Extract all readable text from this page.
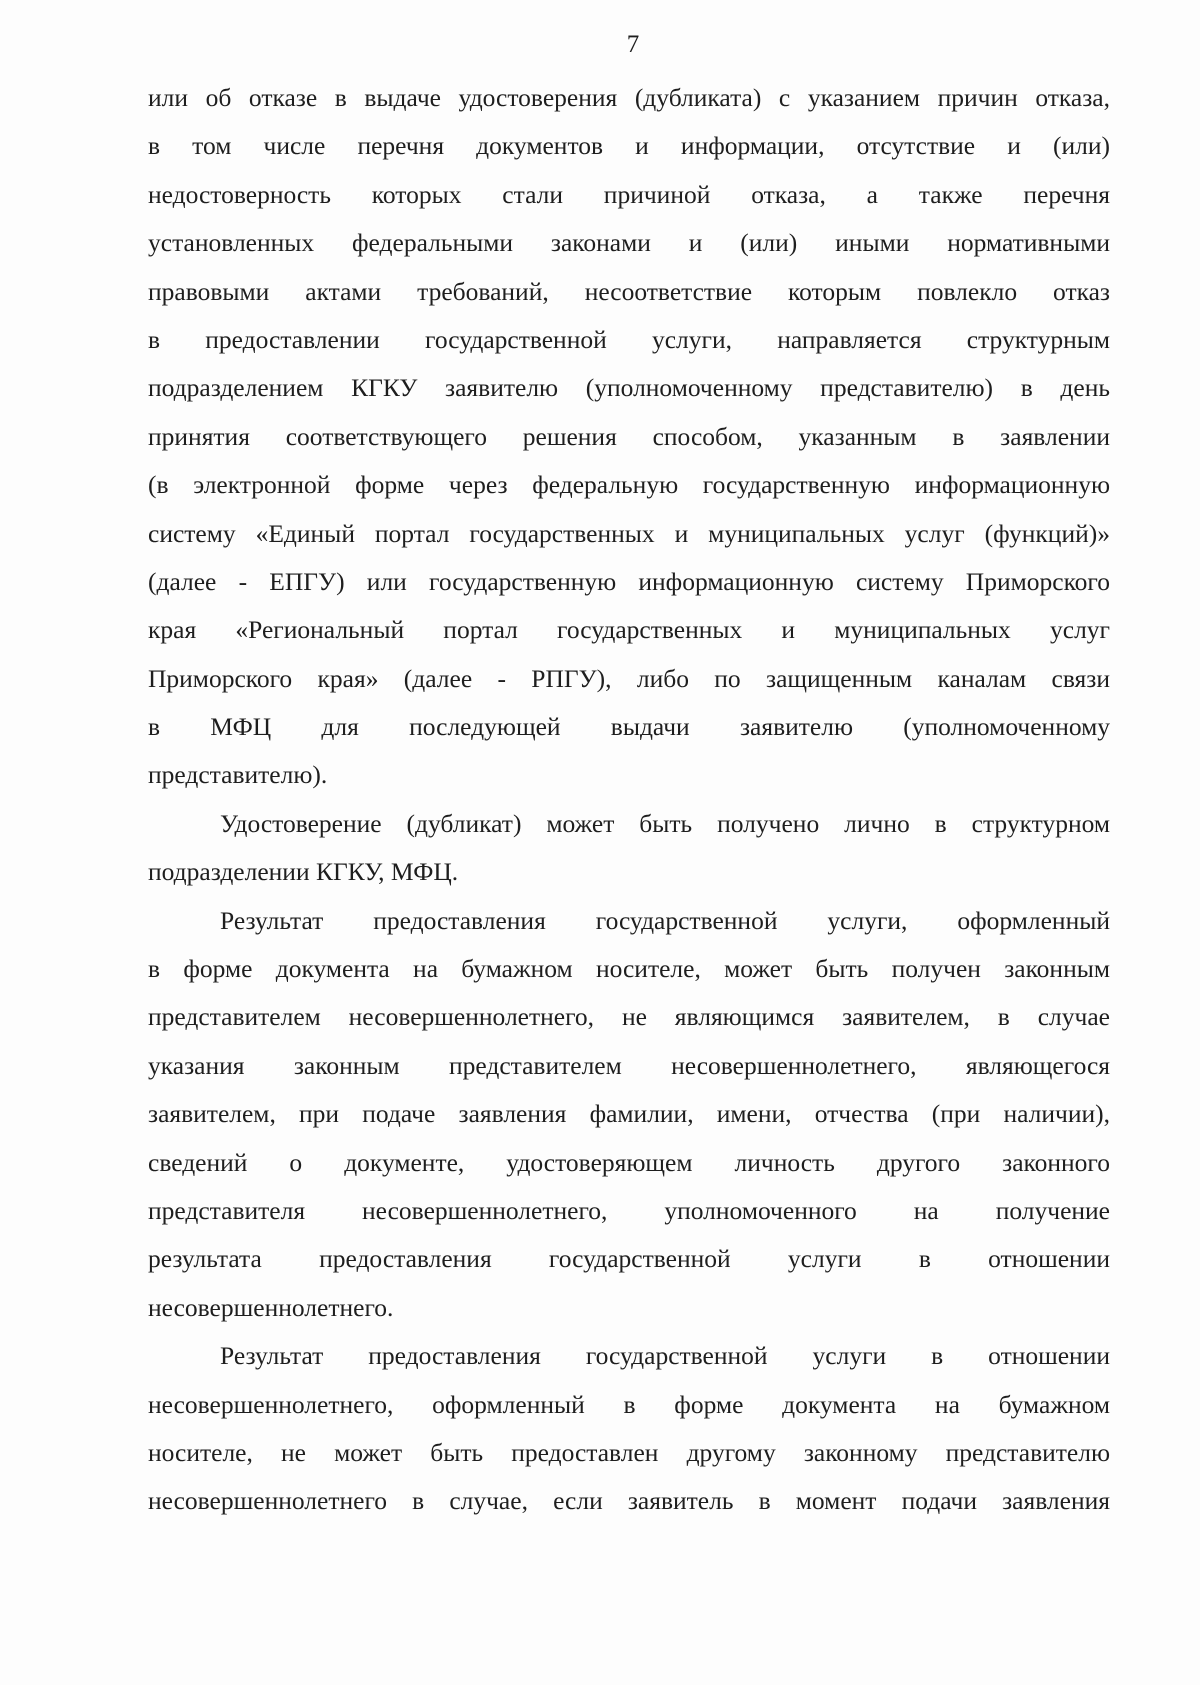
7
или об отказе в выдаче удостоверения (дубликата) с указанием причин отказа,
в том числе перечня документов и информации, отсутствие и (или)
недостоверность которых стали причиной отказа, а также перечня
установленных федеральными законами и (или) иными нормативными
правовыми актами требований, несоответствие которым повлекло отказ
в предоставлении государственной услуги, направляется структурным
подразделением КГКУ заявителю (уполномоченному представителю) в день
принятия соответствующего решения способом, указанным в заявлении
(в электронной форме через федеральную государственную информационную
систему «Единый портал государственных и муниципальных услуг (функций)»
(далее - ЕПГУ) или государственную информационную систему Приморского
края «Региональный портал государственных и муниципальных услуг
Приморского края» (далее - РПГУ), либо по защищенным каналам связи
в МФЦ для последующей выдачи заявителю (уполномоченному
представителю).
Удостоверение (дубликат) может быть получено лично в структурном
подразделении КГКУ, МФЦ.
Результат предоставления государственной услуги, оформленный
в форме документа на бумажном носителе, может быть получен законным
представителем несовершеннолетнего, не являющимся заявителем, в случае
указания законным представителем несовершеннолетнего, являющегося
заявителем, при подаче заявления фамилии, имени, отчества (при наличии),
сведений о документе, удостоверяющем личность другого законного
представителя несовершеннолетнего, уполномоченного на получение
результата предоставления государственной услуги в отношении
несовершеннолетнего.
Результат предоставления государственной услуги в отношении
несовершеннолетнего, оформленный в форме документа на бумажном
носителе, не может быть предоставлен другому законному представителю
несовершеннолетнего в случае, если заявитель в момент подачи заявления
